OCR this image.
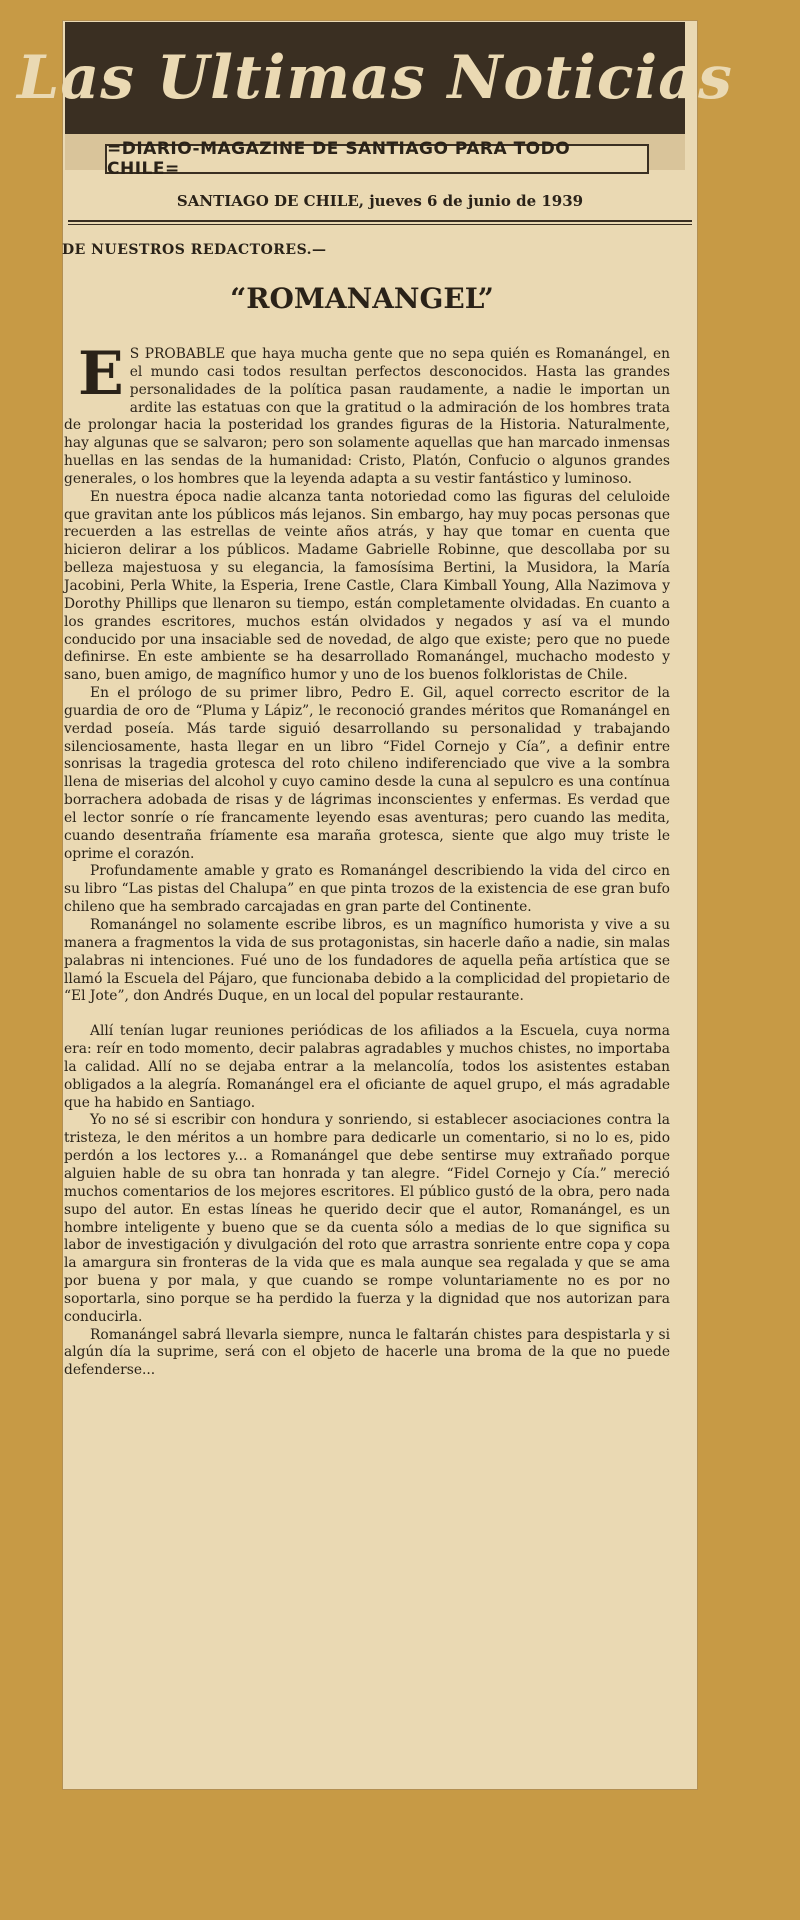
Las Ultimas Noticias
=DIARIO-MAGAZINE DE SANTIAGO PARA TODO CHILE=
SANTIAGO DE CHILE, jueves 6 de junio de 1939
DE NUESTROS REDACTORES.—
“ROMANANGEL”

E S PROBABLE que haya mucha gente que no sepa quién es Romanángel, en el mundo casi todos resultan perfectos desconocidos. Hasta las grandes personalidades de la política pasan raudamente, a nadie le importan un ardite las estatuas con que la gratitud o la admiración de los hombres trata de prolongar hacia la posteridad los grandes figuras de la Historia. Naturalmente, hay algunas que se salvaron; pero son solamente aquellas que han marcado inmensas huellas en las sendas de la humanidad: Cristo, Platón, Confucio o algunos grandes generales, o los hombres que la leyenda adapta a su vestir fantástico y luminoso.

En nuestra época nadie alcanza tanta notoriedad como las figuras del celuloide que gravitan ante los públicos más lejanos. Sin embargo, hay muy pocas personas que recuerden a las estrellas de veinte años atrás, y hay que tomar en cuenta que hicieron delirar a los públicos. Madame Gabrielle Robinne, que descollaba por su belleza majestuosa y su elegancia, la famosísima Bertini, la Musidora, la María Jacobini, Perla White, la Esperia, Irene Castle, Clara Kimball Young, Alla Nazimova y Dorothy Phillips que llenaron su tiempo, están completamente olvidadas. En cuanto a los grandes escritores, muchos están olvidados y negados y así va el mundo conducido por una insaciable sed de novedad, de algo que existe; pero que no puede definirse. En este ambiente se ha desarrollado Romanángel, muchacho modesto y sano, buen amigo, de magnífico humor y uno de los buenos folkloristas de Chile.

En el prólogo de su primer libro, Pedro E. Gil, aquel correcto escritor de la guardia de oro de “Pluma y Lápiz”, le reconoció grandes méritos que Romanángel en verdad poseía. Más tarde siguió desarrollando su personalidad y trabajando silenciosamente, hasta llegar en un libro “Fidel Cornejo y Cía”, a definir entre sonrisas la tragedia grotesca del roto chileno indiferenciado que vive a la sombra llena de miserias del alcohol y cuyo camino desde la cuna al sepulcro es una contínua borrachera adobada de risas y de lágrimas inconscientes y enfermas. Es verdad que el lector sonríe o ríe francamente leyendo esas aventuras; pero cuando las medita, cuando desentraña fríamente esa maraña grotesca, siente que algo muy triste le oprime el corazón.

Profundamente amable y grato es Romanángel describiendo la vida del circo en su libro “Las pistas del Chalupa” en que pinta trozos de la existencia de ese gran bufo chileno que ha sembrado carcajadas en gran parte del Continente.

Romanángel no solamente escribe libros, es un magnífico humorista y vive a su manera a fragmentos la vida de sus protagonistas, sin hacerle daño a nadie, sin malas palabras ni intenciones. Fué uno de los fundadores de aquella peña artística que se llamó la Escuela del Pájaro, que funcionaba debido a la complicidad del propietario de “El Jote”, don Andrés Duque, en un local del popular restaurante.

Allí tenían lugar reuniones periódicas de los afiliados a la Escuela, cuya norma era: reír en todo momento, decir palabras agradables y muchos chistes, no importaba la calidad. Allí no se dejaba entrar a la melancolía, todos los asistentes estaban obligados a la alegría. Romanángel era el oficiante de aquel grupo, el más agradable que ha habido en Santiago.

Yo no sé si escribir con hondura y sonriendo, si establecer asociaciones contra la tristeza, le den méritos a un hombre para dedicarle un comentario, si no lo es, pido perdón a los lectores y... a Romanángel que debe sentirse muy extrañado porque alguien hable de su obra tan honrada y tan alegre. “Fidel Cornejo y Cía.” mereció muchos comentarios de los mejores escritores. El público gustó de la obra, pero nada supo del autor. En estas líneas he querido decir que el autor, Romanángel, es un hombre inteligente y bueno que se da cuenta sólo a medias de lo que significa su labor de investigación y divulgación del roto que arrastra sonriente entre copa y copa la amargura sin fronteras de la vida que es mala aunque sea regalada y que se ama por buena y por mala, y que cuando se rompe voluntariamente no es por no soportarla, sino porque se ha perdido la fuerza y la dignidad que nos autorizan para conducirla.

Romanángel sabrá llevarla siempre, nunca le faltarán chistes para despistarla y si algún día la suprime, será con el objeto de hacerle una broma de la que no puede defenderse...
